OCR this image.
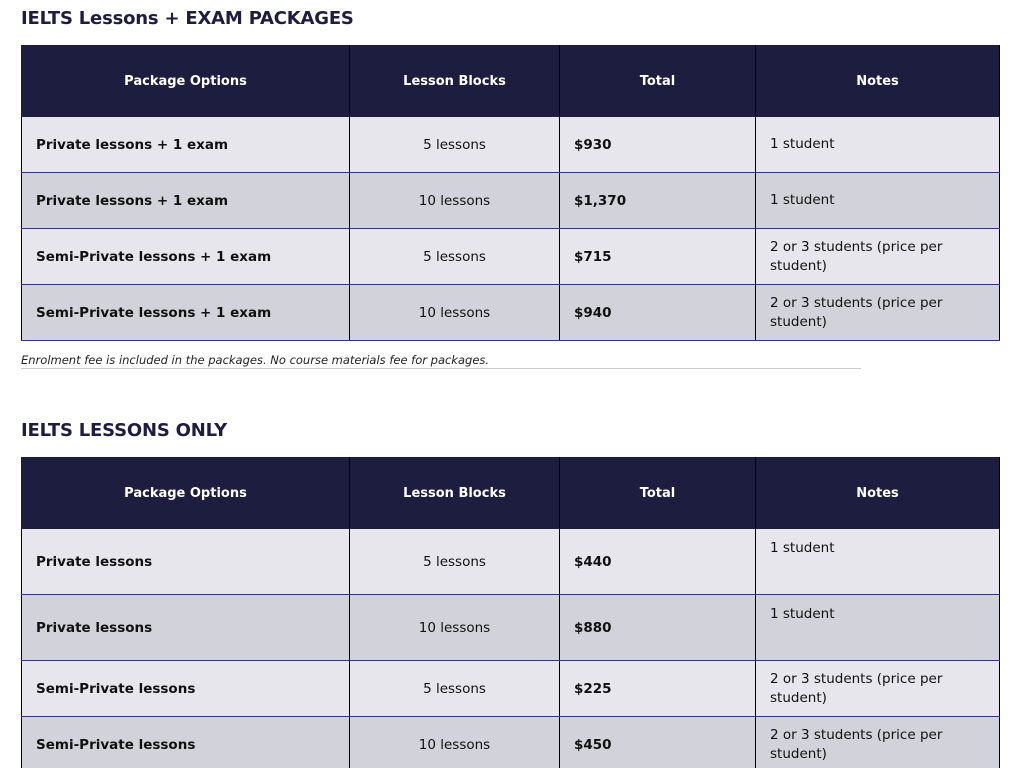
IELTS Lessons + EXAM PACKAGES
Package Options	Lesson Blocks	Total	Notes
Private lessons + 1 exam	5 lessons	$930	1 student
Private lessons + 1 exam	10 lessons	$1,370	1 student
Semi-Private lessons + 1 exam	5 lessons	$715	2 or 3 students (price per student)
Semi-Private lessons + 1 exam	10 lessons	$940	2 or 3 students (price per student)
Enrolment fee is included in the packages. No course materials fee for packages.
IELTS LESSONS ONLY
Package Options	Lesson Blocks	Total	Notes
Private lessons	5 lessons	$440	1 student
Private lessons	10 lessons	$880	1 student
Semi-Private lessons	5 lessons	$225	2 or 3 students (price per student)
Semi-Private lessons	10 lessons	$450	2 or 3 students (price per student)
